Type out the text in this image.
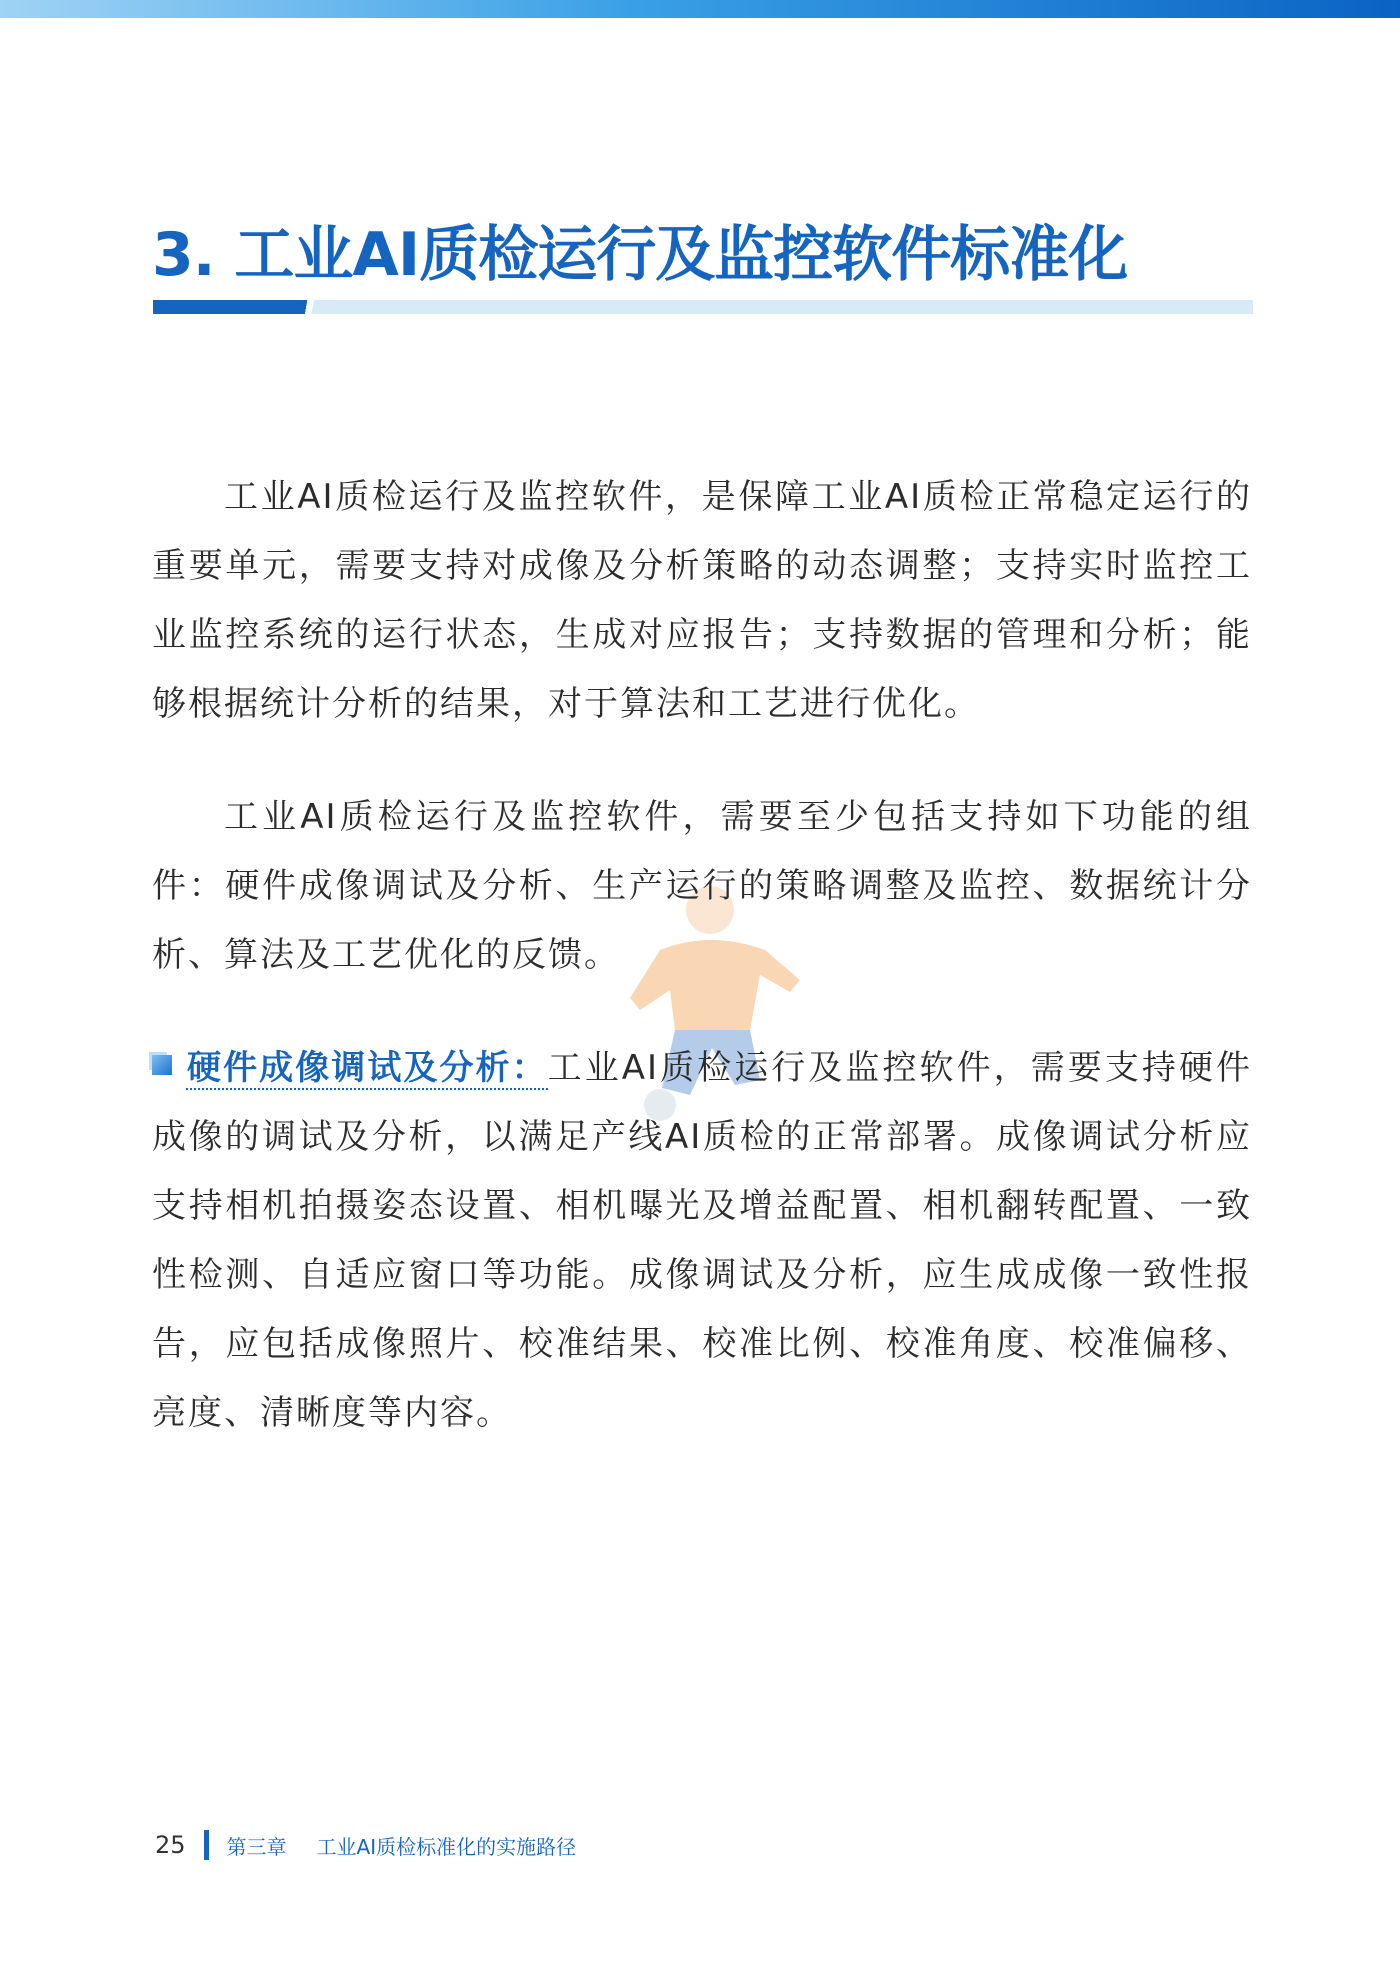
3. 工业AI质检运行及监控软件标准化

工业AI质检运行及监控软件，是保障工业AI质检正常稳定运行的重要单元，需要支持对成像及分析策略的动态调整；支持实时监控工业监控系统的运行状态，生成对应报告；支持数据的管理和分析；能够根据统计分析的结果，对于算法和工艺进行优化。

工业AI质检运行及监控软件，需要至少包括支持如下功能的组件：硬件成像调试及分析、生产运行的策略调整及监控、数据统计分析、算法及工艺优化的反馈。

硬件成像调试及分析：工业AI质检运行及监控软件，需要支持硬件成像的调试及分析，以满足产线AI质检的正常部署。成像调试分析应支持相机拍摄姿态设置、相机曝光及增益配置、相机翻转配置、一致性检测、自适应窗口等功能。成像调试及分析，应生成成像一致性报告，应包括成像照片、校准结果、校准比例、校准角度、校准偏移、亮度、清晰度等内容。

25 第三章 工业AI质检标准化的实施路径
